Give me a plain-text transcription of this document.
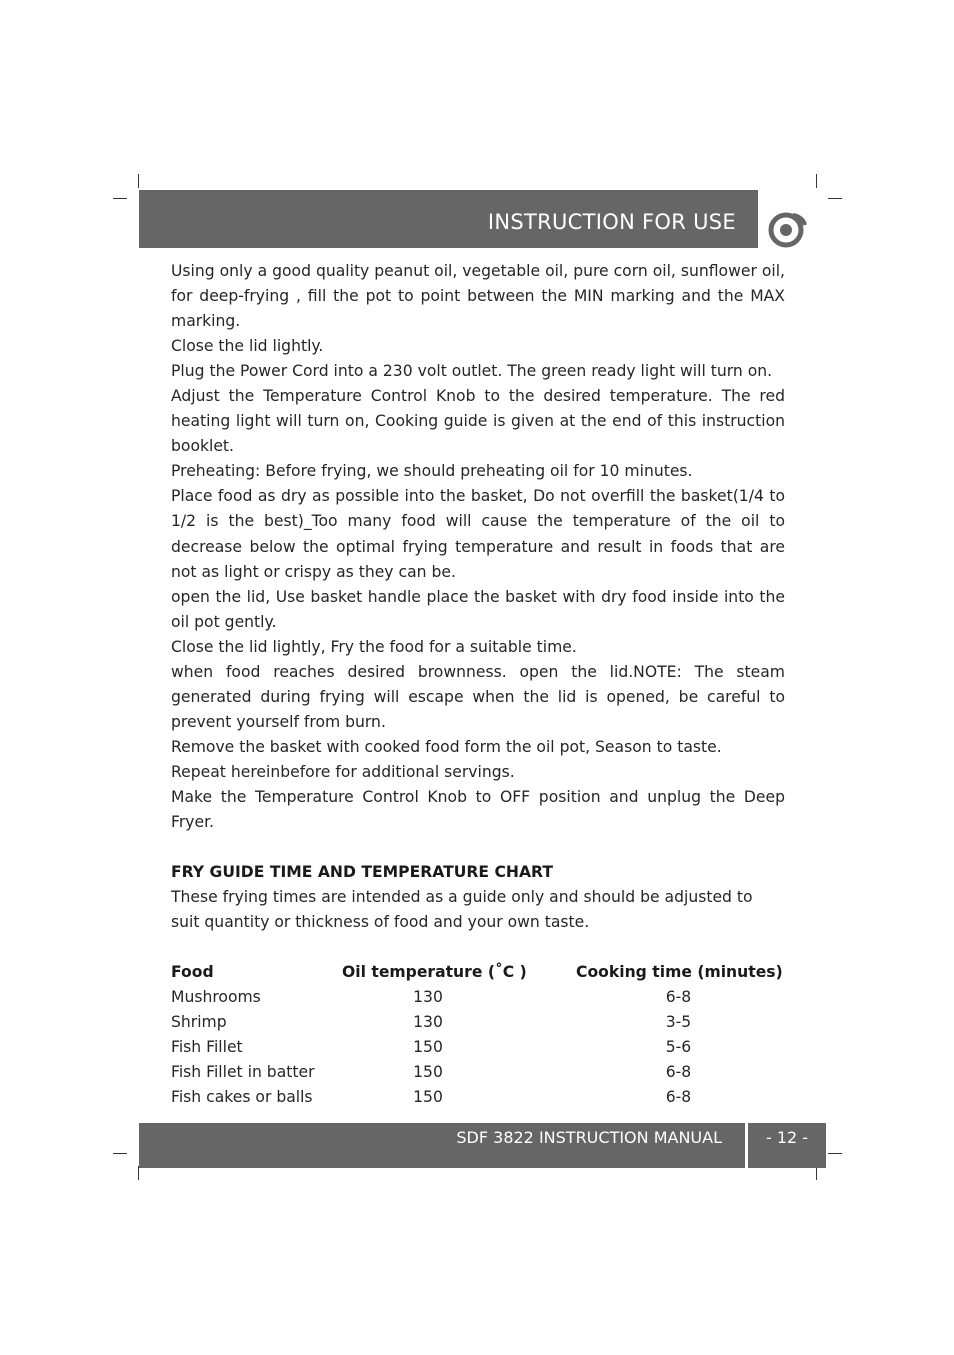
INSTRUCTION FOR USE

Using only a good quality peanut oil, vegetable oil, pure corn oil, sunflower oil, for deep-frying , fill the pot to point between the MIN marking and the MAX marking.

Close the lid lightly.

Plug the Power Cord into a 230 volt outlet. The green ready light will turn on.

Adjust the Temperature Control Knob to the desired temperature. The red heating light will turn on, Cooking guide is given at the end of this instruction booklet.

Preheating: Before frying, we should preheating oil for 10 minutes.

Place food as dry as possible into the basket, Do not overfill the basket(1/4 to 1/2 is the best)_Too many food will cause the temperature of the oil to decrease below the optimal frying temperature and result in foods that are not as light or crispy as they can be.

open the lid, Use basket handle place the basket with dry food inside into the oil pot gently.

Close the lid lightly, Fry the food for a suitable time.

when food reaches desired brownness. open the lid.NOTE: The steam generated during frying will escape when the lid is opened, be careful to prevent yourself from burn.

Remove the basket with cooked food form the oil pot, Season to taste.

Repeat hereinbefore for additional servings.

Make the Temperature Control Knob to OFF position and unplug the Deep Fryer.

FRY GUIDE TIME AND TEMPERATURE CHART

These frying times are intended as a guide only and should be adjusted to suit quantity or thickness of food and your own taste.

Food	Oil temperature (˚C )	Cooking time (minutes)
Mushrooms	130	6-8
Shrimp	130	3-5
Fish Fillet	150	5-6
Fish Fillet in batter	150	6-8
Fish cakes or balls	150	6-8
SDF 3822 INSTRUCTION MANUAL	- 12 -
